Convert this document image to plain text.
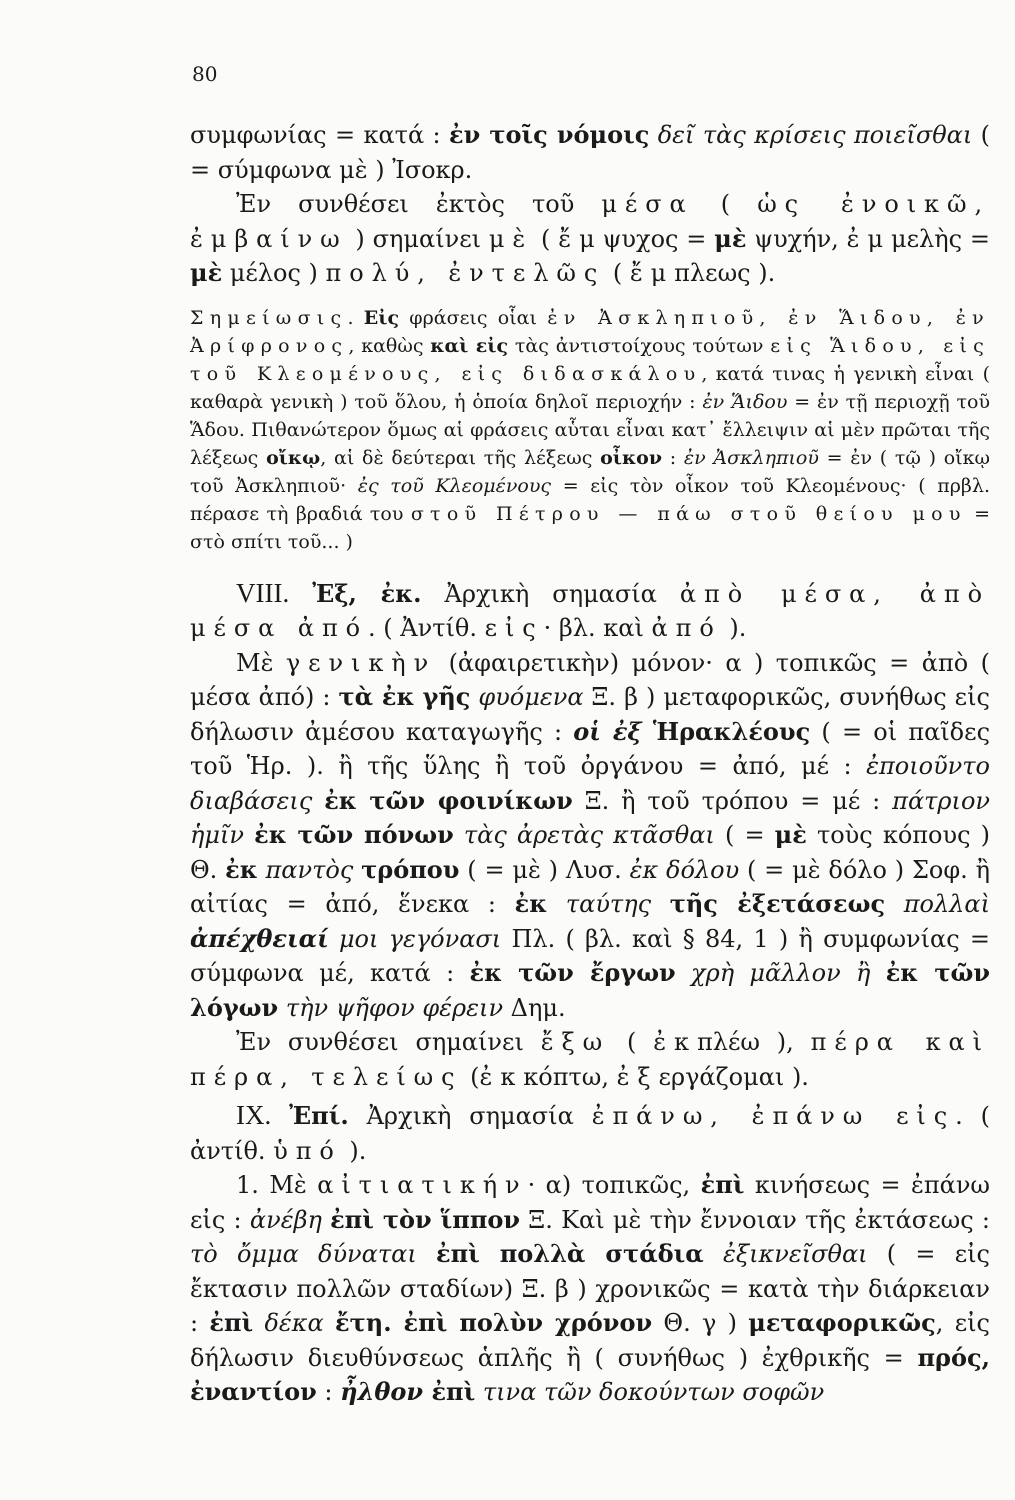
80

συμφωνίας = κατά : ἐν τοῖς νόμοις δεῖ τὰς κρίσεις ποιεῖσθαι ( = σύμφωνα μὲ ) Ἰσοκρ.

Ἐν συνθέσει ἐκτὸς τοῦ μέσα ( ὡς ἐνοικῶ, ἐμβαίνω ) σημαίνει μὲ ( ἔμψυχος = μὲ ψυχήν, ἐμμελὴς = μὲ μέλος ) πολύ, ἐντελῶς ( ἔμπλεως ).

Σημείωσις. Εἰς φράσεις οἷαι ἐν Ἀσκληπιοῦ, ἐν Ἅιδου, ἐν Ἀρίφρονος, καθὼς καὶ εἰς τὰς ἀντιστοίχους τούτων εἰς Ἅιδου, εἰς τοῦ Κλεομένους, εἰς διδασκάλου, κατά τινας ἡ γενικὴ εἶναι ( καθαρὰ γενικὴ ) τοῦ ὅλου, ἡ ὁποία δηλοῖ περιοχήν : ἐν Ἅιδου = ἐν τῇ περιοχῇ τοῦ Ἅδου. Πιθανώτερον ὅμως αἱ φράσεις αὗται εἶναι κατ᾽ ἔλλειψιν αἱ μὲν πρῶται τῆς λέξεως οἴκῳ, αἱ δὲ δεύτεραι τῆς λέξεως οἶκον : ἐν Ἀσκληπιοῦ = ἐν ( τῷ ) οἴκῳ τοῦ Ἀσκληπιοῦ· ἐς τοῦ Κλεομένους = εἰς τὸν οἶκον τοῦ Κλεομένους· ( πρβλ. πέρασε τὴ βραδιά του στοῦ Πέτρου — πάω στοῦ θείου μου = στὸ σπίτι τοῦ... )

VIII. Ἐξ, ἐκ. Ἀρχικὴ σημασία ἀπὸ μέσα, ἀπὸ μέσα ἀπό. ( Ἀντίθ. εἰς· βλ. καὶ ἀπό ).

Μὲ γενικὴν (ἀφαιρετικὴν) μόνον· α ) τοπικῶς = ἀπὸ ( μέσα ἀπό) : τὰ ἐκ γῆς φυόμενα Ξ. β ) μεταφορικῶς, συνήθως εἰς δήλωσιν ἀμέσου καταγωγῆς : οἱ ἐξ Ἡρακλέους ( = οἱ παῖδες τοῦ Ἡρ. ). ἢ τῆς ὕλης ἢ τοῦ ὀργάνου = ἀπό, μέ : ἐποιοῦντο διαβάσεις ἐκ τῶν φοινίκων Ξ. ἢ τοῦ τρόπου = μέ : πάτριον ἡμῖν ἐκ τῶν πόνων τὰς ἀρετὰς κτᾶσθαι ( = μὲ τοὺς κόπους ) Θ. ἐκ παντὸς τρόπου ( = μὲ ) Λυσ. ἐκ δόλου ( = μὲ δόλο ) Σοφ. ἢ αἰτίας = ἀπό, ἕνεκα : ἐκ ταύτης τῆς ἐξετάσεως πολλαὶ ἀπέχθειαί μοι γεγόνασι Πλ. ( βλ. καὶ § 84, 1 ) ἢ συμφωνίας = σύμφωνα μέ, κατά : ἐκ τῶν ἔργων χρὴ μᾶλλον ἢ ἐκ τῶν λόγων τὴν ψῆφον φέρειν Δημ.

Ἐν συνθέσει σημαίνει ἔξω ( ἐκπλέω ), πέρα καὶ πέρα, τελείως (ἐκκόπτω, ἐξεργάζομαι ).

IX. Ἐπί. Ἀρχικὴ σημασία ἐπάνω, ἐπάνω εἰς. ( ἀντίθ. ὑπό ).

1. Μὲ αἰτιατικήν· α) τοπικῶς, ἐπὶ κινήσεως = ἐπάνω εἰς : ἀνέβη ἐπὶ τὸν ἵππον Ξ. Καὶ μὲ τὴν ἔννοιαν τῆς ἐκτάσεως : τὸ ὄμμα δύναται ἐπὶ πολλὰ στάδια ἐξικνεῖσθαι ( = εἰς ἔκτασιν πολλῶν σταδίων) Ξ. β ) χρονικῶς = κατὰ τὴν διάρκειαν : ἐπὶ δέκα ἔτη. ἐπὶ πολὺν χρόνον Θ. γ ) μεταφορικῶς, εἰς δήλωσιν διευθύνσεως ἁπλῆς ἢ ( συνήθως ) ἐχθρικῆς = πρός, ἐναντίον : ἦλθον ἐπὶ τινα τῶν δοκούντων σοφῶν
